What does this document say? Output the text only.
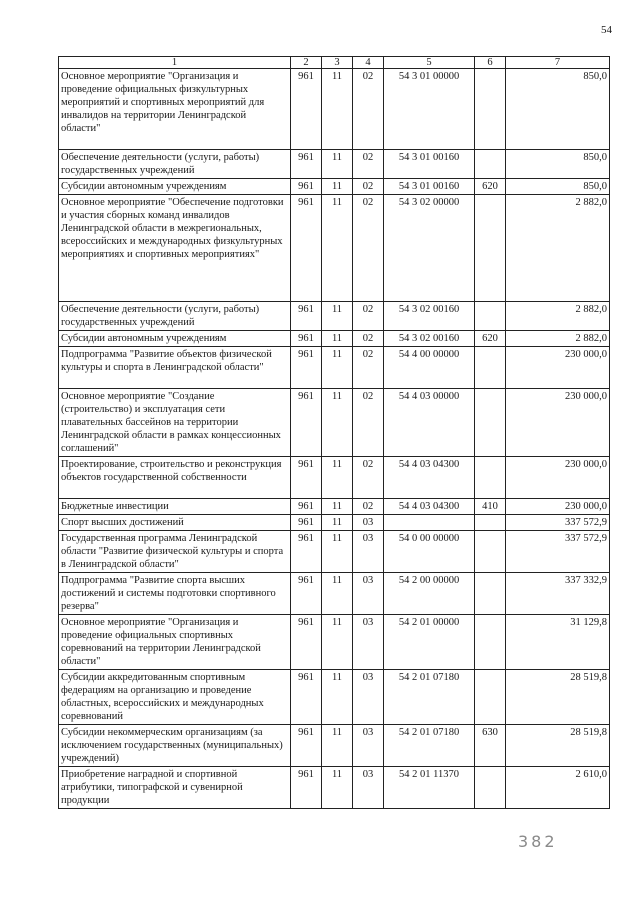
54
1	2	3	4	5	6	7
Основное мероприятие "Организация и проведение официальных физкультурных мероприятий и спортивных мероприятий для инвалидов на территории Ленинградской области"	961	11	02	54 3 01 00000		850,0
Обеспечение деятельности (услуги, работы) государственных учреждений	961	11	02	54 3 01 00160		850,0
Субсидии автономным учреждениям	961	11	02	54 3 01 00160	620	850,0
Основное мероприятие "Обеспечение подготовки и участия сборных команд инвалидов Ленинградской области в межрегиональных, всероссийских и международных физкультурных мероприятиях и спортивных мероприятиях"	961	11	02	54 3 02 00000		2 882,0
Обеспечение деятельности (услуги, работы) государственных учреждений	961	11	02	54 3 02 00160		2 882,0
Субсидии автономным учреждениям	961	11	02	54 3 02 00160	620	2 882,0
Подпрограмма "Развитие объектов физической культуры и спорта в Ленинградской области"	961	11	02	54 4 00 00000		230 000,0
Основное мероприятие "Создание (строительство) и эксплуатация сети плавательных бассейнов на территории Ленинградской области в рамках концессионных соглашений"	961	11	02	54 4 03 00000		230 000,0
Проектирование, строительство и реконструкция объектов государственной собственности	961	11	02	54 4 03 04300		230 000,0
Бюджетные инвестиции	961	11	02	54 4 03 04300	410	230 000,0
Спорт высших достижений	961	11	03			337 572,9
Государственная программа Ленинградской области "Развитие физической культуры и спорта в Ленинградской области"	961	11	03	54 0 00 00000		337 572,9
Подпрограмма "Развитие спорта высших достижений и системы подготовки спортивного резерва"	961	11	03	54 2 00 00000		337 332,9
Основное мероприятие "Организация и проведение официальных спортивных соревнований на территории Ленинградской области"	961	11	03	54 2 01 00000		31 129,8
Субсидии аккредитованным спортивным федерациям на организацию и проведение областных, всероссийских и международных соревнований	961	11	03	54 2 01 07180		28 519,8
Субсидии некоммерческим организациям (за исключением государственных (муниципальных) учреждений)	961	11	03	54 2 01 07180	630	28 519,8
Приобретение наградной и спортивной атрибутики, типографской и сувенирной продукции	961	11	03	54 2 01 11370		2 610,0
382
